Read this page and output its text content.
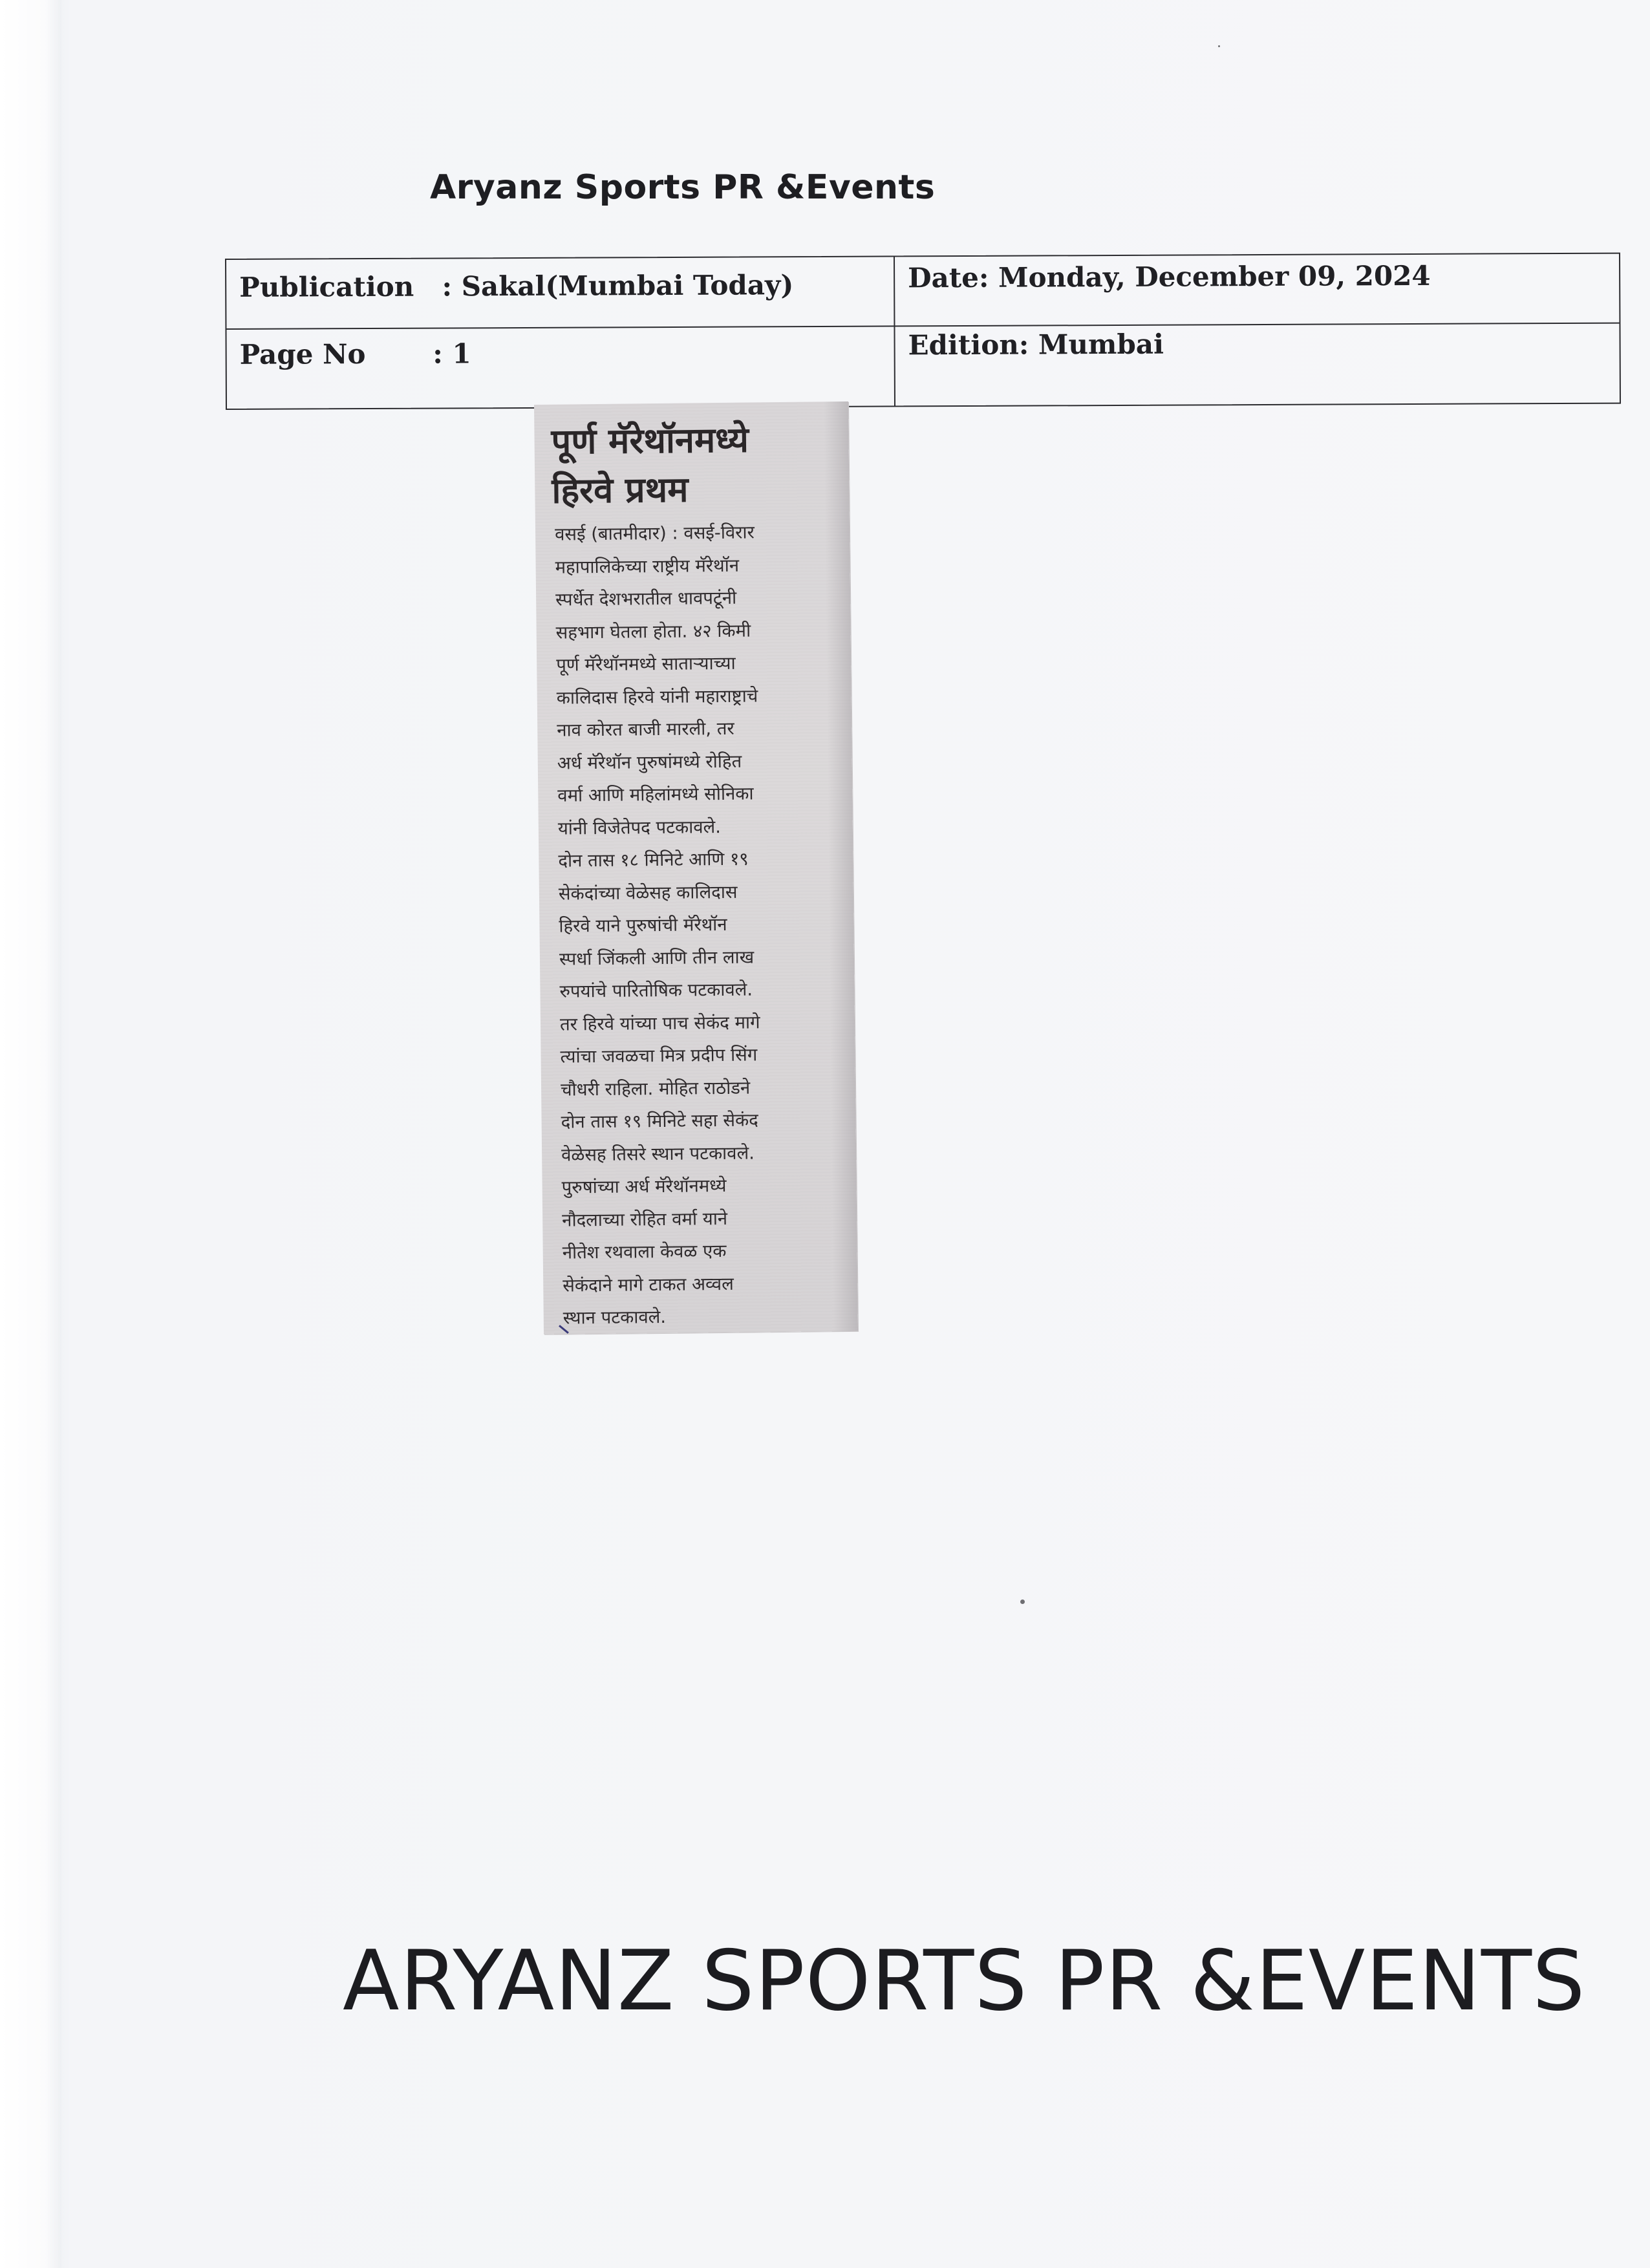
Aryanz Sports PR &Events
Publication : Sakal(Mumbai Today)	Date: Monday, December 09, 2024
Page No : 1	Edition: Mumbai
पूर्ण मॅरेथॉनमध्ये
हिरवे प्रथम
वसई (बातमीदार) : वसई-विरार
महापालिकेच्या राष्ट्रीय मॅरेथॉन
स्पर्धेत देशभरातील धावपटूंनी
सहभाग घेतला होता. ४२ किमी
पूर्ण मॅरेथॉनमध्ये सातार्‍याच्या
कालिदास हिरवे यांनी महाराष्ट्राचे
नाव कोरत बाजी मारली, तर
अर्ध मॅरेथॉन पुरुषांमध्ये रोहित
वर्मा आणि महिलांमध्ये सोनिका
यांनी विजेतेपद पटकावले.
दोन तास १८ मिनिटे आणि १९
सेकंदांच्या वेळेसह कालिदास
हिरवे याने पुरुषांची मॅरेथॉन
स्पर्धा जिंकली आणि तीन लाख
रुपयांचे पारितोषिक पटकावले.
तर हिरवे यांच्या पाच सेकंद मागे
त्यांचा जवळचा मित्र प्रदीप सिंग
चौधरी राहिला. मोहित राठोडने
दोन तास १९ मिनिटे सहा सेकंद
वेळेसह तिसरे स्थान पटकावले.
पुरुषांच्या अर्ध मॅरेथॉनमध्ये
नौदलाच्या रोहित वर्मा याने
नीतेश रथवाला केवळ एक
सेकंदाने मागे टाकत अव्वल
स्थान पटकावले.
ARYANZ SPORTS PR &EVENTS
